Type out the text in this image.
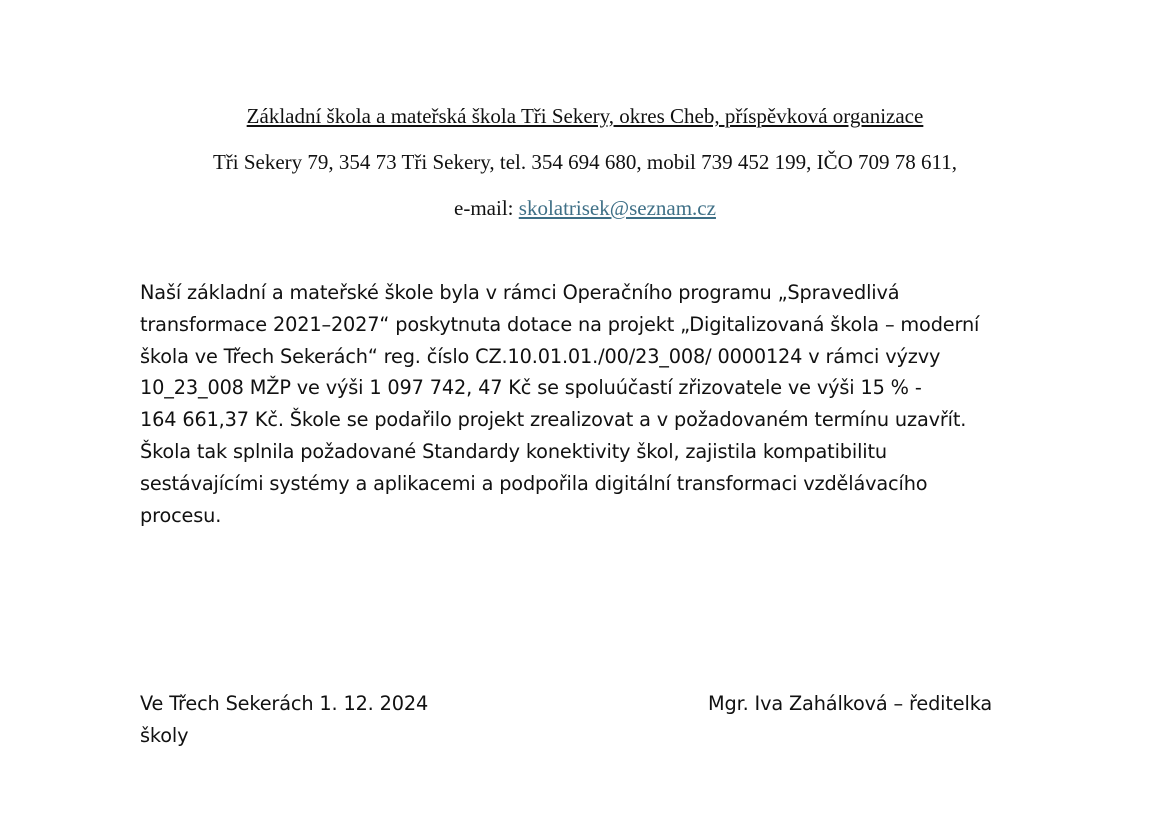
Základní škola a mateřská škola Tři Sekery, okres Cheb, příspěvková organizace
Tři Sekery 79, 354 73 Tři Sekery, tel. 354 694 680, mobil 739 452 199, IČO 709 78 611,
e-mail: skolatrisek@seznam.cz
Naší základní a mateřské škole byla v rámci Operačního programu „Spravedlivá
transformace 2021–2027“ poskytnuta dotace na projekt „Digitalizovaná škola – moderní
škola ve Třech Sekerách“ reg. číslo CZ.10.01.01./00/23_008/ 0000124 v rámci výzvy
10_23_008 MŽP ve výši 1 097 742, 47 Kč se spoluúčastí zřizovatele ve výši 15 % -
164 661,37 Kč. Škole se podařilo projekt zrealizovat a v požadovaném termínu uzavřít.
Škola tak splnila požadované Standardy konektivity škol, zajistila kompatibilitu
sestávajícími systémy a aplikacemi a podpořila digitální transformaci vzdělávacího
procesu.
Ve Třech Sekerách 1. 12. 2024	Mgr. Iva Zahálková – ředitelka
školy
